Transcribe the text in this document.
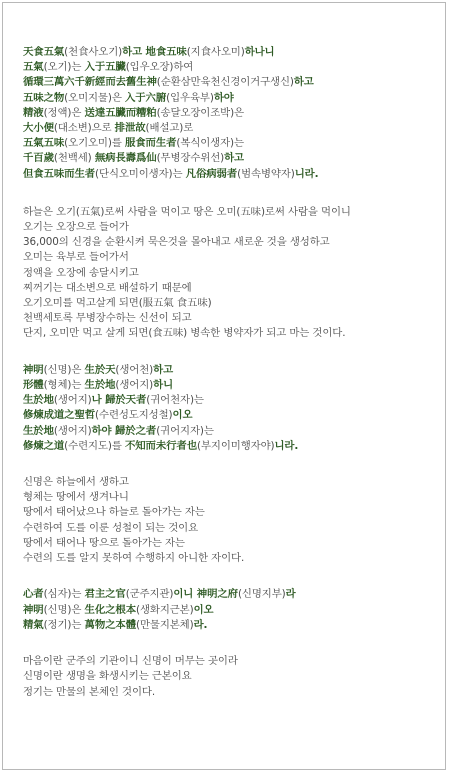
天食五氣(천食사오기)하고 地食五味(지食사오미)하나니
五氣(오기)는 入于五臟(입우오장)하여
循環三萬六千新經而去舊生神(순환삼만육천신경이거구생신)하고
五味之物(오미지물)은 入于六腑(입우육부)하야
精液(정액)은 送達五臟而糟粕(송달오장이조박)은
大小便(대소변)으로 排泄故(배설고)로
五氣五味(오기오미)를 服食而生者(복식이생자)는
千百歲(천백세) 無病長壽爲仙(무병장수위선)하고
但食五味而生者(단식오미이생자)는 凡俗病弱者(범속병약자)니라.
하늘은 오기(五氣)로써 사람을 먹이고 땅은 오미(五味)로써 사람을 먹이니
오기는 오장으로 들어가
36,000의 신경을 순환시켜 묵은것을 몰아내고 새로운 것을 생성하고
오미는 육부로 들어가서
정액을 오장에 송달시키고
찌꺼기는 대소변으로 배설하기 때문에
오기오미를 먹고살게 되면(服五氣 食五味)
천백세토록 무병장수하는 신선이 되고
단지, 오미만 먹고 살게 되면(食五味) 병속한 병약자가 되고 마는 것이다.
神明(신명)은 生於天(생어천)하고
形體(형체)는 生於地(생어지)하니
生於地(생어지)나 歸於天者(귀어천자)는
修煉成道之聖哲(수련성도지성철)이오
生於地(생어지)하야 歸於之者(귀어지자)는
修煉之道(수련지도)를 不知而未行者也(부지이미행자야)니라.
신명은 하늘에서 생하고
형체는 땅에서 생겨나니
땅에서 태어났으나 하늘로 돌아가는 자는
수련하여 도를 이룬 성철이 되는 것이요
땅에서 태어나 땅으로 돌아가는 자는
수련의 도를 알지 못하여 수행하지 아니한 자이다.
心者(심자)는 君主之官(군주지관)이니 神明之府(신명지부)라
神明(신명)은 生化之根本(생화지근본)이오
精氣(정기)는 萬物之本體(만물지본체)라.
마음이란 군주의 기관이니 신명이 머무는 곳이라
신명이란 생명을 화생시키는 근본이요
정기는 만물의 본체인 것이다.
